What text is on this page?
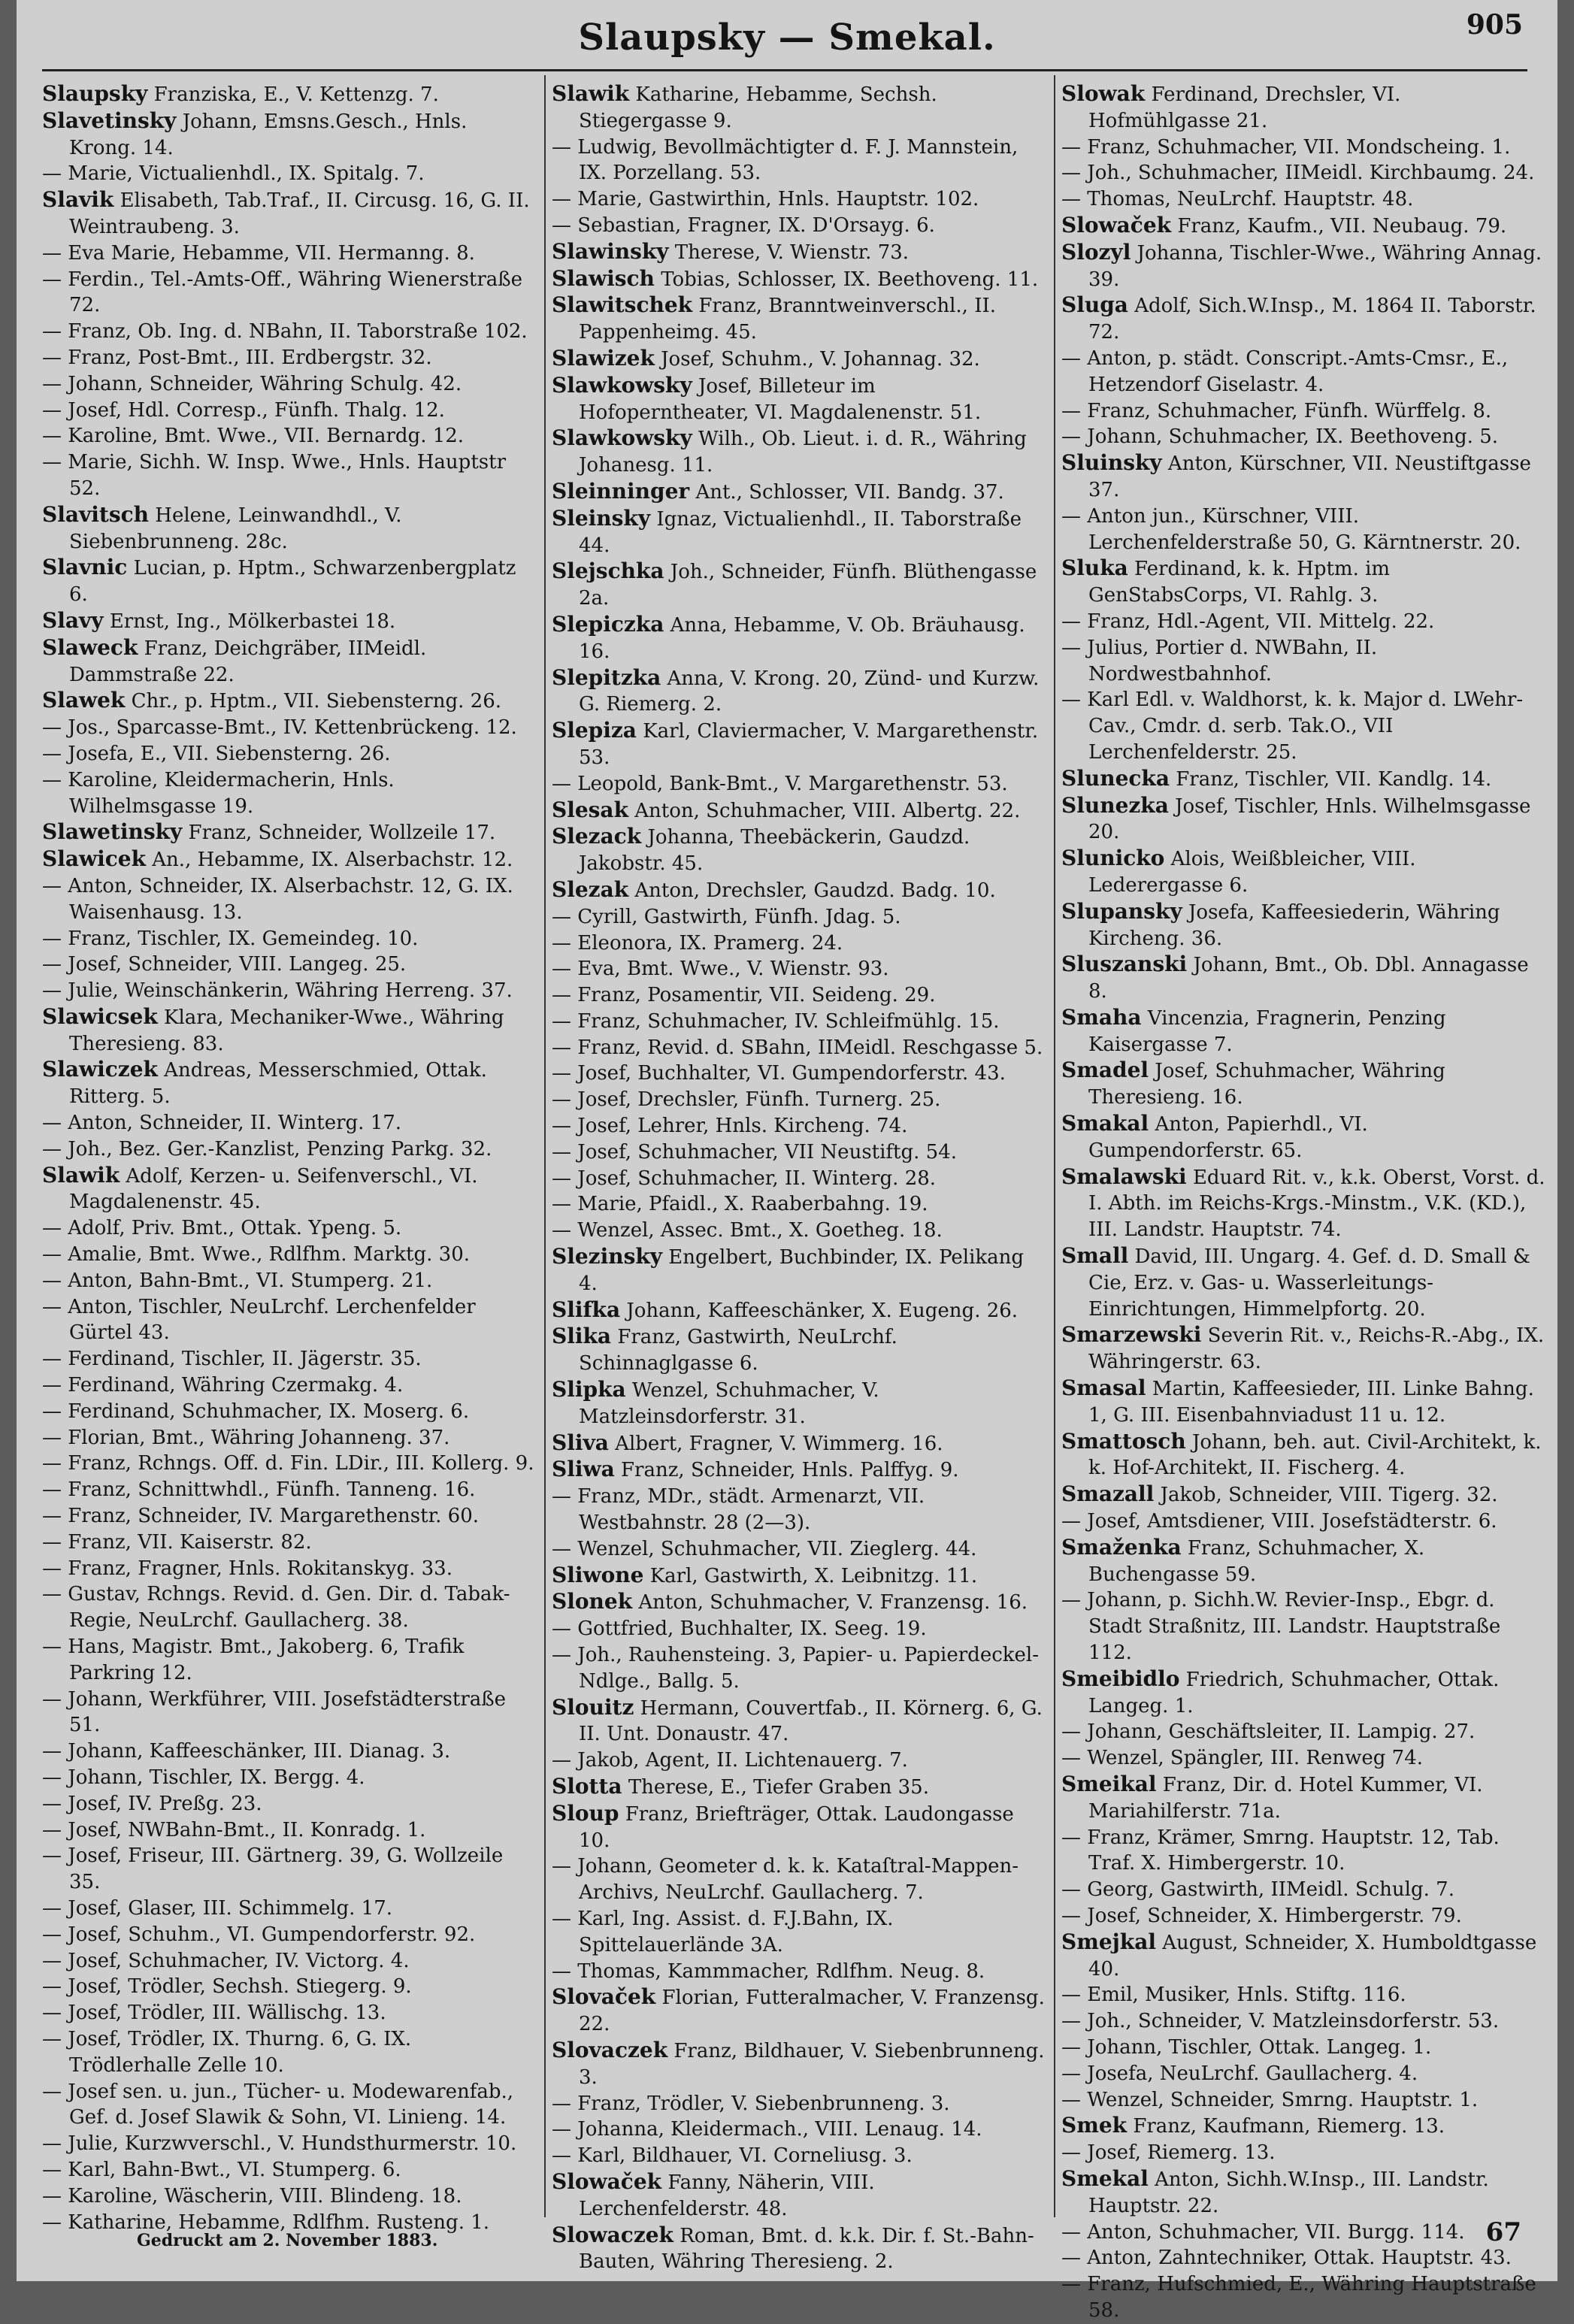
Slaupsky — Smekal.	905

Slaupsky Franziska, E., V. Kettenzg. 7.

Slavetinsky Johann, Emsns.Gesch., Hnls. Krong. 14.

— Marie, Victualienhdl., IX. Spitalg. 7.

Slavik Elisabeth, Tab.Traf., II. Circusg. 16, G. II. Weintraubeng. 3.

— Eva Marie, Hebamme, VII. Hermanng. 8.

— Ferdin., Tel.-Amts-Off., Währing Wienerstraße 72.

— Franz, Ob. Ing. d. NBahn, II. Taborstraße 102.

— Franz, Post-Bmt., III. Erdbergstr. 32.

— Johann, Schneider, Währing Schulg. 42.

— Josef, Hdl. Corresp., Fünfh. Thalg. 12.

— Karoline, Bmt. Wwe., VII. Bernardg. 12.

— Marie, Sichh. W. Insp. Wwe., Hnls. Hauptstr 52.

Slavitsch Helene, Leinwandhdl., V. Siebenbrunneng. 28c.

Slavnic Lucian, p. Hptm., Schwarzenbergplatz 6.

Slavy Ernst, Ing., Mölkerbastei 18.

Slaweck Franz, Deichgräber, IIMeidl. Dammstraße 22.

Slawek Chr., p. Hptm., VII. Siebensterng. 26.

— Jos., Sparcasse-Bmt., IV. Kettenbrückeng. 12.

— Josefa, E., VII. Siebensterng. 26.

— Karoline, Kleidermacherin, Hnls. Wilhelmsgasse 19.

Slawetinsky Franz, Schneider, Wollzeile 17.

Slawicek An., Hebamme, IX. Alserbachstr. 12.

— Anton, Schneider, IX. Alserbachstr. 12, G. IX. Waisenhausg. 13.

— Franz, Tischler, IX. Gemeindeg. 10.

— Josef, Schneider, VIII. Langeg. 25.

— Julie, Weinschänkerin, Währing Herreng. 37.

Slawicsek Klara, Mechaniker-Wwe., Währing Theresieng. 83.

Slawiczek Andreas, Messerschmied, Ottak. Ritterg. 5.

— Anton, Schneider, II. Winterg. 17.

— Joh., Bez. Ger.-Kanzlist, Penzing Parkg. 32.

Slawik Adolf, Kerzen- u. Seifenverschl., VI. Magdalenenstr. 45.

— Adolf, Priv. Bmt., Ottak. Ypeng. 5.

— Amalie, Bmt. Wwe., Rdlfhm. Marktg. 30.

— Anton, Bahn-Bmt., VI. Stumperg. 21.

— Anton, Tischler, NeuLrchf. Lerchenfelder Gürtel 43.

— Ferdinand, Tischler, II. Jägerstr. 35.

— Ferdinand, Währing Czermakg. 4.

— Ferdinand, Schuhmacher, IX. Moserg. 6.

— Florian, Bmt., Währing Johanneng. 37.

— Franz, Rchngs. Off. d. Fin. LDir., III. Kollerg. 9.

— Franz, Schnittwhdl., Fünfh. Tanneng. 16.

— Franz, Schneider, IV. Margarethenstr. 60.

— Franz, VII. Kaiserstr. 82.

— Franz, Fragner, Hnls. Rokitanskyg. 33.

— Gustav, Rchngs. Revid. d. Gen. Dir. d. Tabak-Regie, NeuLrchf. Gaullacherg. 38.

— Hans, Magistr. Bmt., Jakoberg. 6, Trafik Parkring 12.

— Johann, Werkführer, VIII. Josefstädterstraße 51.

— Johann, Kaffeeschänker, III. Dianag. 3.

— Johann, Tischler, IX. Bergg. 4.

— Josef, IV. Preßg. 23.

— Josef, NWBahn-Bmt., II. Konradg. 1.

— Josef, Friseur, III. Gärtnerg. 39, G. Wollzeile 35.

— Josef, Glaser, III. Schimmelg. 17.

— Josef, Schuhm., VI. Gumpendorferstr. 92.

— Josef, Schuhmacher, IV. Victorg. 4.

— Josef, Trödler, Sechsh. Stiegerg. 9.

— Josef, Trödler, III. Wällischg. 13.

— Josef, Trödler, IX. Thurng. 6, G. IX. Trödlerhalle Zelle 10.

— Josef sen. u. jun., Tücher- u. Modewarenfab., Gef. d. Josef Slawik & Sohn, VI. Linieng. 14.

— Julie, Kurzwverschl., V. Hundsthurmerstr. 10.

— Karl, Bahn-Bwt., VI. Stumperg. 6.

— Karoline, Wäscherin, VIII. Blindeng. 18.

— Katharine, Hebamme, Rdlfhm. Rusteng. 1.

Slawik Katharine, Hebamme, Sechsh. Stiegergasse 9.

— Ludwig, Bevollmächtigter d. F. J. Mannstein, IX. Porzellang. 53.

— Marie, Gastwirthin, Hnls. Hauptstr. 102.

— Sebastian, Fragner, IX. D'Orsayg. 6.

Slawinsky Therese, V. Wienstr. 73.

Slawisch Tobias, Schlosser, IX. Beethoveng. 11.

Slawitschek Franz, Branntweinverschl., II. Pappenheimg. 45.

Slawizek Josef, Schuhm., V. Johannag. 32.

Slawkowsky Josef, Billeteur im Hofoperntheater, VI. Magdalenenstr. 51.

Slawkowsky Wilh., Ob. Lieut. i. d. R., Währing Johanesg. 11.

Sleinninger Ant., Schlosser, VII. Bandg. 37.

Sleinsky Ignaz, Victualienhdl., II. Taborstraße 44.

Slejschka Joh., Schneider, Fünfh. Blüthengasse 2a.

Slepiczka Anna, Hebamme, V. Ob. Bräuhausg. 16.

Slepitzka Anna, V. Krong. 20, Zünd- und Kurzw. G. Riemerg. 2.

Slepiza Karl, Claviermacher, V. Margarethenstr. 53.

— Leopold, Bank-Bmt., V. Margarethenstr. 53.

Slesak Anton, Schuhmacher, VIII. Albertg. 22.

Slezack Johanna, Theebäckerin, Gaudzd. Jakobstr. 45.

Slezak Anton, Drechsler, Gaudzd. Badg. 10.

— Cyrill, Gastwirth, Fünfh. Jdag. 5.

— Eleonora, IX. Pramerg. 24.

— Eva, Bmt. Wwe., V. Wienstr. 93.

— Franz, Posamentir, VII. Seideng. 29.

— Franz, Schuhmacher, IV. Schleifmühlg. 15.

— Franz, Revid. d. SBahn, IIMeidl. Reschgasse 5.

— Josef, Buchhalter, VI. Gumpendorferstr. 43.

— Josef, Drechsler, Fünfh. Turnerg. 25.

— Josef, Lehrer, Hnls. Kircheng. 74.

— Josef, Schuhmacher, VII Neustiftg. 54.

— Josef, Schuhmacher, II. Winterg. 28.

— Marie, Pfaidl., X. Raaberbahng. 19.

— Wenzel, Assec. Bmt., X. Goetheg. 18.

Slezinsky Engelbert, Buchbinder, IX. Pelikang 4.

Slifka Johann, Kaffeeschänker, X. Eugeng. 26.

Slika Franz, Gastwirth, NeuLrchf. Schinnaglgasse 6.

Slipka Wenzel, Schuhmacher, V. Matzleinsdorferstr. 31.

Sliva Albert, Fragner, V. Wimmerg. 16.

Sliwa Franz, Schneider, Hnls. Palffyg. 9.

— Franz, MDr., städt. Armenarzt, VII. Westbahnstr. 28 (2—3).

— Wenzel, Schuhmacher, VII. Zieglerg. 44.

Sliwone Karl, Gastwirth, X. Leibnitzg. 11.

Slonek Anton, Schuhmacher, V. Franzensg. 16.

— Gottfried, Buchhalter, IX. Seeg. 19.

— Joh., Rauhensteing. 3, Papier- u. Papierdeckel-Ndlge., Ballg. 5.

Slouitz Hermann, Couvertfab., II. Körnerg. 6, G. II. Unt. Donaustr. 47.

— Jakob, Agent, II. Lichtenauerg. 7.

Slotta Therese, E., Tiefer Graben 35.

Sloup Franz, Briefträger, Ottak. Laudongasse 10.

— Johann, Geometer d. k. k. Kataſtral-Mappen-Archivs, NeuLrchf. Gaullacherg. 7.

— Karl, Ing. Assist. d. F.J.Bahn, IX. Spittelauerlände 3A.

— Thomas, Kammmacher, Rdlfhm. Neug. 8.

Slovaček Florian, Futteralmacher, V. Franzensg. 22.

Slovaczek Franz, Bildhauer, V. Siebenbrunneng. 3.

— Franz, Trödler, V. Siebenbrunneng. 3.

— Johanna, Kleidermach., VIII. Lenaug. 14.

— Karl, Bildhauer, VI. Corneliusg. 3.

Slowaček Fanny, Näherin, VIII. Lerchenfelderstr. 48.

Slowaczek Roman, Bmt. d. k.k. Dir. f. St.-Bahn-Bauten, Währing Theresieng. 2.

Slowak Ferdinand, Drechsler, VI. Hofmühlgasse 21.

— Franz, Schuhmacher, VII. Mondscheing. 1.

— Joh., Schuhmacher, IIMeidl. Kirchbaumg. 24.

— Thomas, NeuLrchf. Hauptstr. 48.

Slowaček Franz, Kaufm., VII. Neubaug. 79.

Slozyl Johanna, Tischler-Wwe., Währing Annag. 39.

Sluga Adolf, Sich.W.Insp., M. 1864 II. Taborstr. 72.

— Anton, p. städt. Conscript.-Amts-Cmsr., E., Hetzendorf Giselastr. 4.

— Franz, Schuhmacher, Fünfh. Würffelg. 8.

— Johann, Schuhmacher, IX. Beethoveng. 5.

Sluinsky Anton, Kürschner, VII. Neustiftgasse 37.

— Anton jun., Kürschner, VIII. Lerchenfelderstraße 50, G. Kärntnerstr. 20.

Sluka Ferdinand, k. k. Hptm. im GenStabsCorps, VI. Rahlg. 3.

— Franz, Hdl.-Agent, VII. Mittelg. 22.

— Julius, Portier d. NWBahn, II. Nordwestbahnhof.

— Karl Edl. v. Waldhorst, k. k. Major d. LWehr-Cav., Cmdr. d. serb. Tak.O., VII Lerchenfelderstr. 25.

Slunecka Franz, Tischler, VII. Kandlg. 14.

Slunezka Josef, Tischler, Hnls. Wilhelmsgasse 20.

Slunicko Alois, Weißbleicher, VIII. Lederergasse 6.

Slupansky Josefa, Kaffeesiederin, Währing Kircheng. 36.

Sluszanski Johann, Bmt., Ob. Dbl. Annagasse 8.

Smaha Vincenzia, Fragnerin, Penzing Kaisergasse 7.

Smadel Josef, Schuhmacher, Währing Theresieng. 16.

Smakal Anton, Papierhdl., VI. Gumpendorferstr. 65.

Smalawski Eduard Rit. v., k.k. Oberst, Vorst. d. I. Abth. im Reichs-Krgs.-Minstm., V.K. (KD.), III. Landstr. Hauptstr. 74.

Small David, III. Ungarg. 4. Gef. d. D. Small & Cie, Erz. v. Gas- u. Wasserleitungs-Einrichtungen, Himmelpfortg. 20.

Smarzewski Severin Rit. v., Reichs-R.-Abg., IX. Währingerstr. 63.

Smasal Martin, Kaffeesieder, III. Linke Bahng. 1, G. III. Eisenbahnviadust 11 u. 12.

Smattosch Johann, beh. aut. Civil-Architekt, k. k. Hof-Architekt, II. Fischerg. 4.

Smazall Jakob, Schneider, VIII. Tigerg. 32.

— Josef, Amtsdiener, VIII. Josefstädterstr. 6.

Smaženka Franz, Schuhmacher, X. Buchengasse 59.

— Johann, p. Sichh.W. Revier-Insp., Ebgr. d. Stadt Straßnitz, III. Landstr. Hauptstraße 112.

Smeibidlo Friedrich, Schuhmacher, Ottak. Langeg. 1.

— Johann, Geschäftsleiter, II. Lampig. 27.

— Wenzel, Spängler, III. Renweg 74.

Smeikal Franz, Dir. d. Hotel Kummer, VI. Mariahilferstr. 71a.

— Franz, Krämer, Smrng. Hauptstr. 12, Tab. Traf. X. Himbergerstr. 10.

— Georg, Gastwirth, IIMeidl. Schulg. 7.

— Josef, Schneider, X. Himbergerstr. 79.

Smejkal August, Schneider, X. Humboldtgasse 40.

— Emil, Musiker, Hnls. Stiftg. 116.

— Joh., Schneider, V. Matzleinsdorferstr. 53.

— Johann, Tischler, Ottak. Langeg. 1.

— Josefa, NeuLrchf. Gaullacherg. 4.

— Wenzel, Schneider, Smrng. Hauptstr. 1.

Smek Franz, Kaufmann, Riemerg. 13.

— Josef, Riemerg. 13.

Smekal Anton, Sichh.W.Insp., III. Landstr. Hauptstr. 22.

— Anton, Schuhmacher, VII. Burgg. 114.

— Anton, Zahntechniker, Ottak. Hauptstr. 43.

— Franz, Hufschmied, E., Währing Hauptstraße 58.

Gedruckt am 2. November 1883.	67
